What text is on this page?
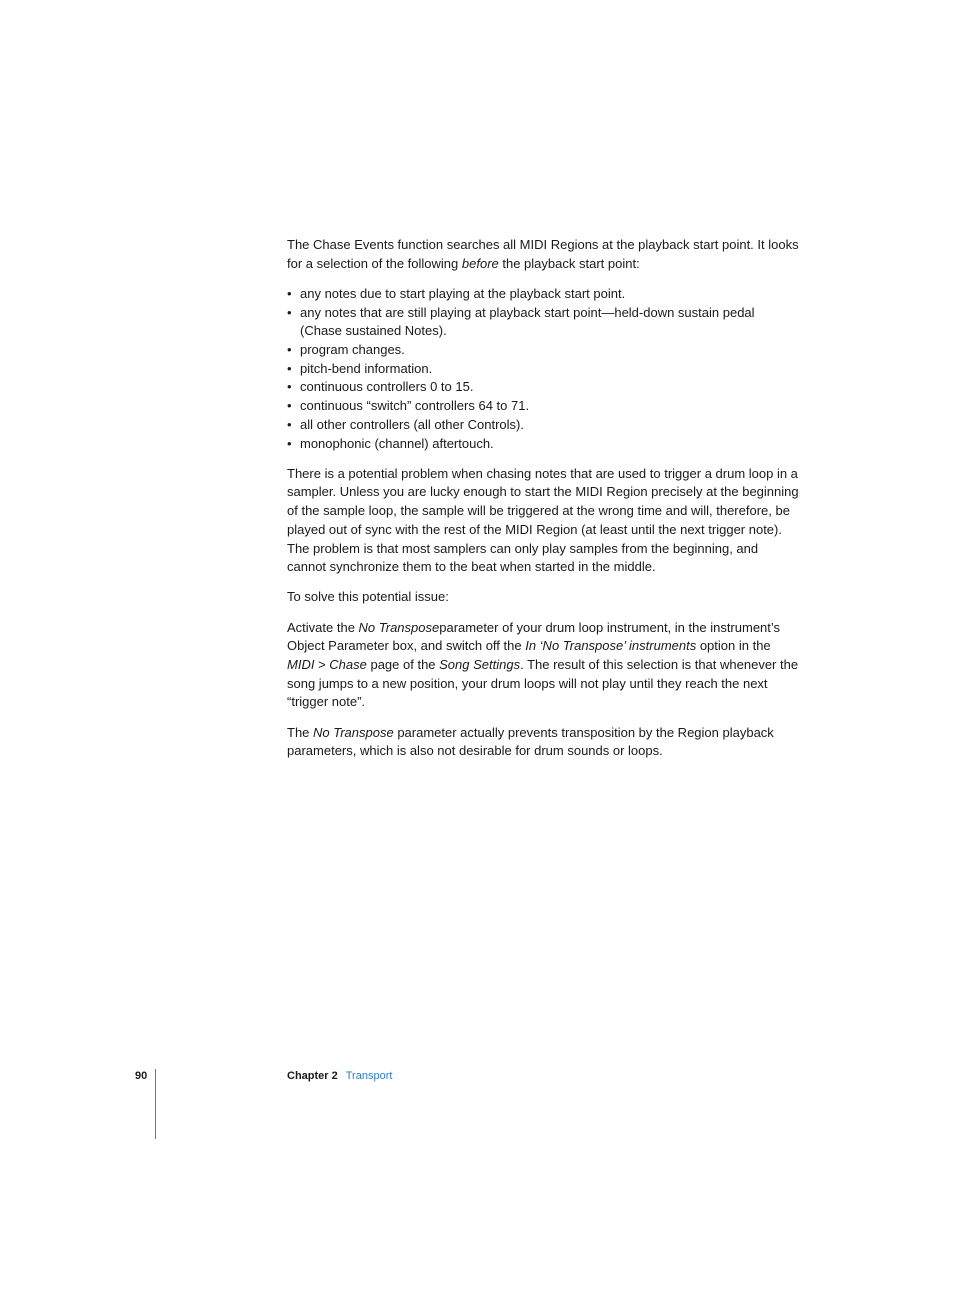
The Chase Events function searches all MIDI Regions at the playback start point. It looks for a selection of the following before the playback start point:

• any notes due to start playing at the playback start point.
• any notes that are still playing at playback start point—held-down sustain pedal (Chase sustained Notes).
• program changes.
• pitch-bend information.
• continuous controllers 0 to 15.
• continuous “switch” controllers 64 to 71.
• all other controllers (all other Controls).
• monophonic (channel) aftertouch.

There is a potential problem when chasing notes that are used to trigger a drum loop in a sampler. Unless you are lucky enough to start the MIDI Region precisely at the beginning of the sample loop, the sample will be triggered at the wrong time and will, therefore, be played out of sync with the rest of the MIDI Region (at least until the next trigger note). The problem is that most samplers can only play samples from the beginning, and cannot synchronize them to the beat when started in the middle.

To solve this potential issue:

Activate the No Transposeparameter of your drum loop instrument, in the instrument’s Object Parameter box, and switch off the In ‘No Transpose’ instruments option in the MIDI > Chase page of the Song Settings. The result of this selection is that whenever the song jumps to a new position, your drum loops will not play until they reach the next “trigger note”.

The No Transpose parameter actually prevents transposition by the Region playback parameters, which is also not desirable for drum sounds or loops.

90	Chapter 2 Transport
